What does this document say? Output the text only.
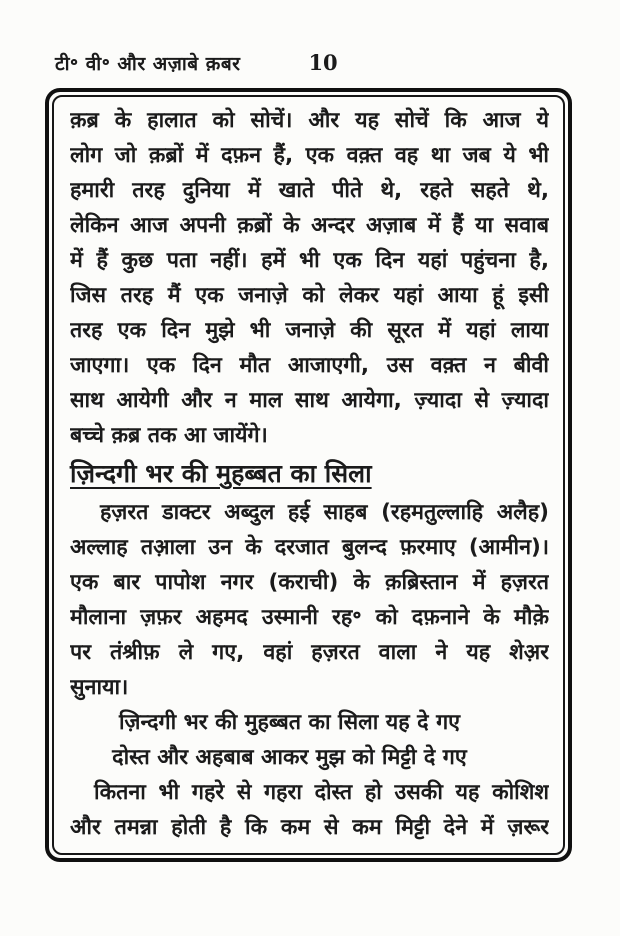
टी॰ वी॰ और अज़ाबे क़बर	10
क़ब्र के हालात को सोचें। और यह सोचें कि आज ये
लोग जो क़ब्रों में दफ़न हैं, एक वक़्त वह था जब ये भी
हमारी तरह दुनिया में खाते पीते थे, रहते सहते थे,
लेकिन आज अपनी क़ब्रों के अन्दर अज़ाब में हैं या सवाब
में हैं कुछ पता नहीं। हमें भी एक दिन यहां पहुंचना है,
जिस तरह मैं एक जनाज़े को लेकर यहां आया हूं इसी
तरह एक दिन मुझे भी जनाज़े की सूरत में यहां लाया
जाएगा। एक दिन मौत आजाएगी, उस वक़्त न बीवी
साथ आयेगी और न माल साथ आयेगा, ज़्यादा से ज़्यादा
बच्चे क़ब्र तक आ जायेंगे।
ज़िन्दगी भर की मुहब्बत का सिला
हज़रत डाक्टर अब्दुल हई साहब (रहमतुल्लाहि अलैह)
अल्लाह तआ़ला उन के दरजात बुलन्द फ़रमाए (आमीन)।
एक बार पापोश नगर (कराची) के क़ब्रिस्तान में हज़रत
मौलाना ज़फ़र अहमद उस्मानी रह॰ को दफ़नाने के मौक़े
पर तंश्रीफ़ ले गए, वहां हज़रत वाला ने यह शेअ़र
सुनाया।
ज़िन्दगी भर की मुहब्बत का सिला यह दे गए
दोस्त और अहबाब आकर मुझ को मिट्टी दे गए
कितना भी गहरे से गहरा दोस्त हो उसकी यह कोशिश
और तमन्ना होती है कि कम से कम मिट्टी देने में ज़रूर
